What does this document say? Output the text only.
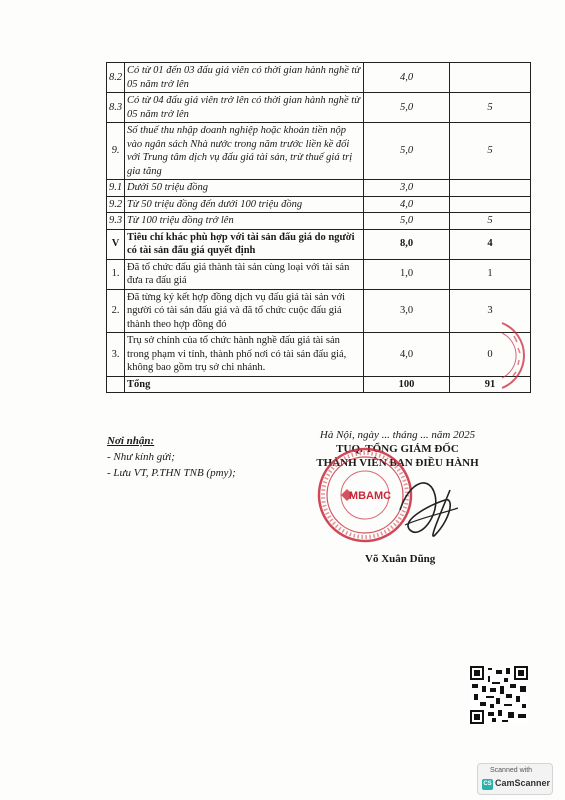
8.2	Có từ 01 đến 03 đấu giá viên có thời gian hành nghề từ 05 năm trở lên	4,0	
8.3	Có từ 04 đấu giá viên trở lên có thời gian hành nghề từ 05 năm trở lên	5,0	5
9.	Số thuế thu nhập doanh nghiệp hoặc khoản tiền nộp vào ngân sách Nhà nước trong năm trước liền kề đối với Trung tâm dịch vụ đấu giá tài sản, trừ thuế giá trị gia tăng	5,0	5
9.1	Dưới 50 triệu đồng	3,0	
9.2	Từ 50 triệu đồng đến dưới 100 triệu đồng	4,0	
9.3	Từ 100 triệu đồng trở lên	5,0	5
V	Tiêu chí khác phù hợp với tài sản đấu giá do người có tài sản đấu giá quyết định	8,0	4
1.	Đã tổ chức đấu giá thành tài sản cùng loại với tài sản đưa ra đấu giá	1,0	1
2.	Đã từng ký kết hợp đồng dịch vụ đấu giá tài sản với người có tài sản đấu giá và đã tổ chức cuộc đấu giá thành theo hợp đồng đó	3,0	3
3.	Trụ sở chính của tổ chức hành nghề đấu giá tài sản trong phạm vi tỉnh, thành phố nơi có tài sản đấu giá, không bao gồm trụ sở chi nhánh.	4,0	0
	Tổng	100	91
Nơi nhận:
- Như kính gửi;
- Lưu VT, P.THN TNB (pmy);
Hà Nội, ngày ... tháng ... năm 2025
TUQ. TỔNG GIÁM ĐỐC
THÀNH VIÊN BAN ĐIỀU HÀNH
MBAMC
Võ Xuân Dũng
Scanned with
CS CamScanner
